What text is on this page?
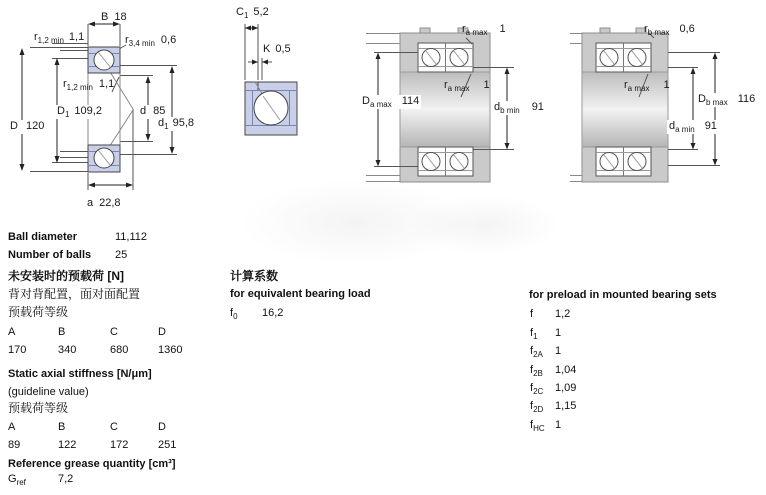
B 18
$r_{1,2 min}$ 1,1	$r_{3,4 min}$ 0,6
$r_{1,2 min}$ 1,1
$D_1$ 109,2	d 85
D 120	$d_1$ 95,8
a 22,8
$C_1$ 5,2
K 0,5
$r_{a max}$ 1
$r_{a max}$ 1
$D_{a max}$ 114	$d_{b min}$ 91
$r_{b max}$ 0,6
$r_{a max}$ 1
$D_{b max}$ 116
$d_{a min}$ 91
Ball diameter	11,112
Number of balls 25
未安装时的预载荷 [N]
背对背配置，面对面配置
预载荷等级
A	B	C	D
170	340	680	1360
Static axial stiffness [N/μm]
(guideline value)
预载荷等级
A	B	C	D
89	122	172	251
Reference grease quantity [cm³]
$G_{ref}$	7,2
计算系数
for equivalent bearing load
$f_0$ 16,2
for preload in mounted bearing sets
f 1,2
$f_1$ 1
$f_{2A}$ 1
$f_{2B}$ 1,04
$f_{2C}$ 1,09
$f_{2D}$ 1,15
$f_{HC}$ 1
